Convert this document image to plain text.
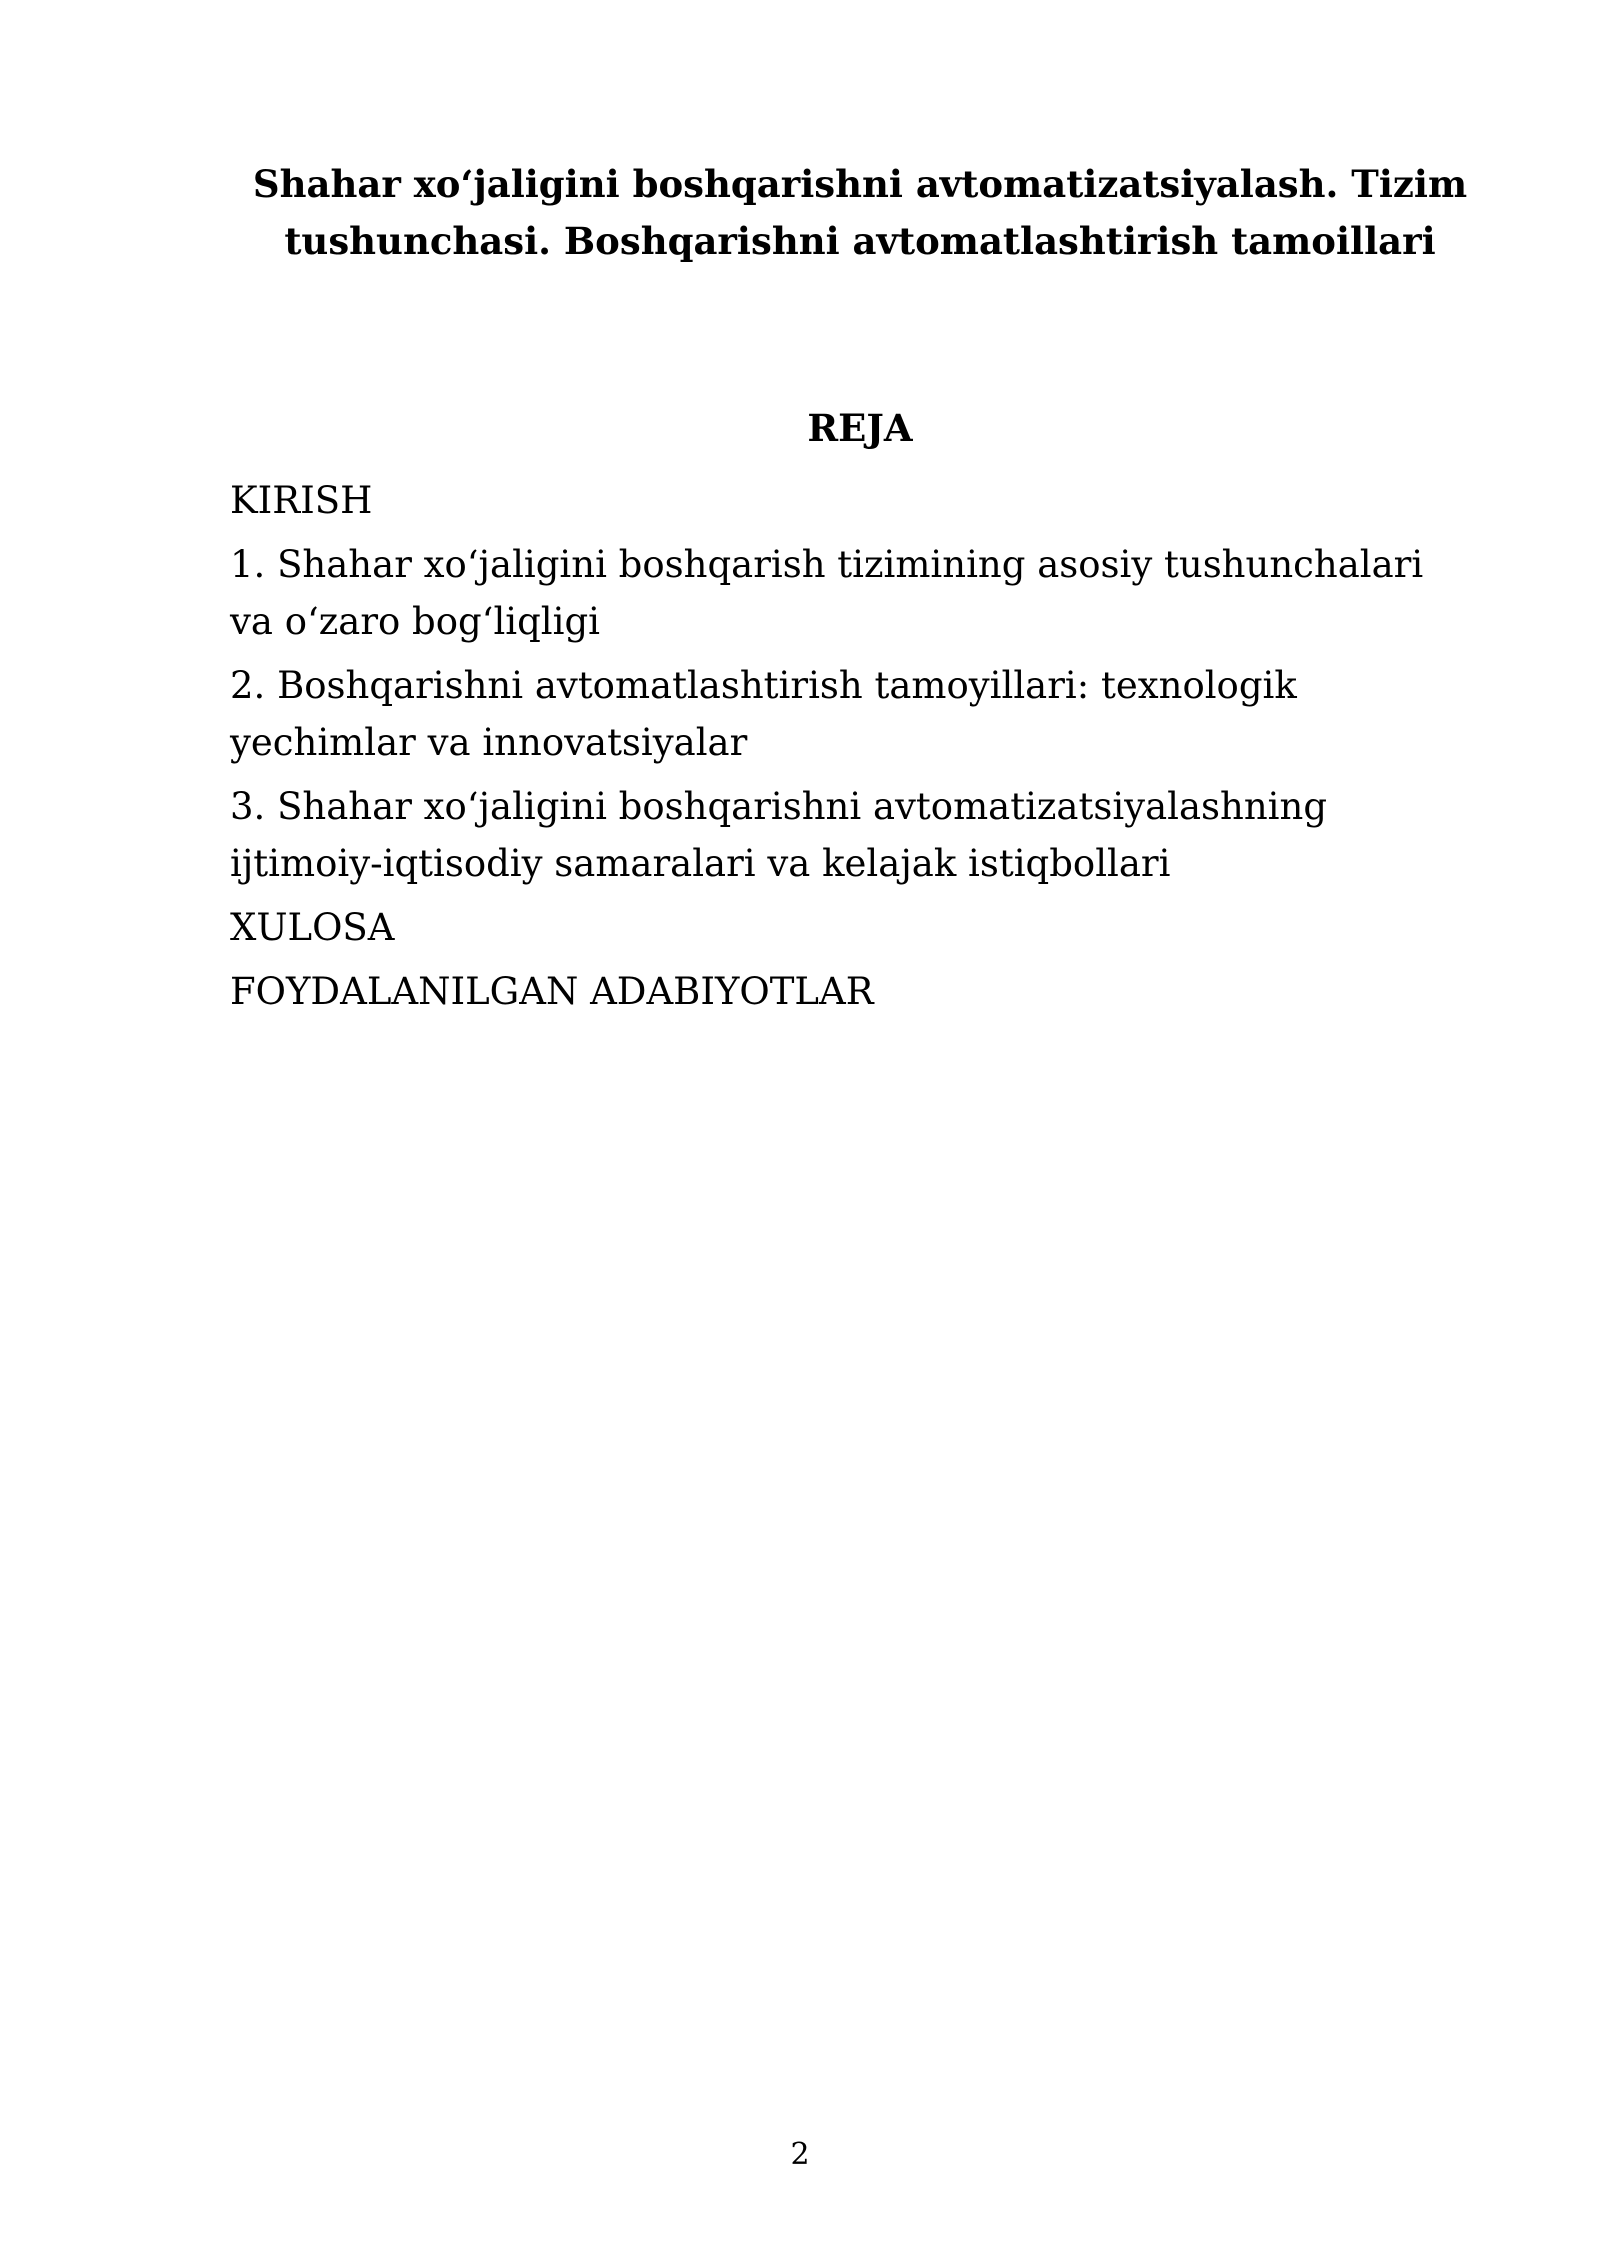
Shahar xo‘jaligini boshqarishni avtomatizatsiyalash. Tizim
tushunchasi. Boshqarishni avtomatlashtirish tamoillari
REJA
KIRISH
1. Shahar xo‘jaligini boshqarish tizimining asosiy tushunchalari
va o‘zaro bog‘liqligi
2. Boshqarishni avtomatlashtirish tamoyillari: texnologik
yechimlar va innovatsiyalar
3. Shahar xo‘jaligini boshqarishni avtomatizatsiyalashning
ijtimoiy-iqtisodiy samaralari va kelajak istiqbollari
XULOSA
FOYDALANILGAN ADABIYOTLAR
2
